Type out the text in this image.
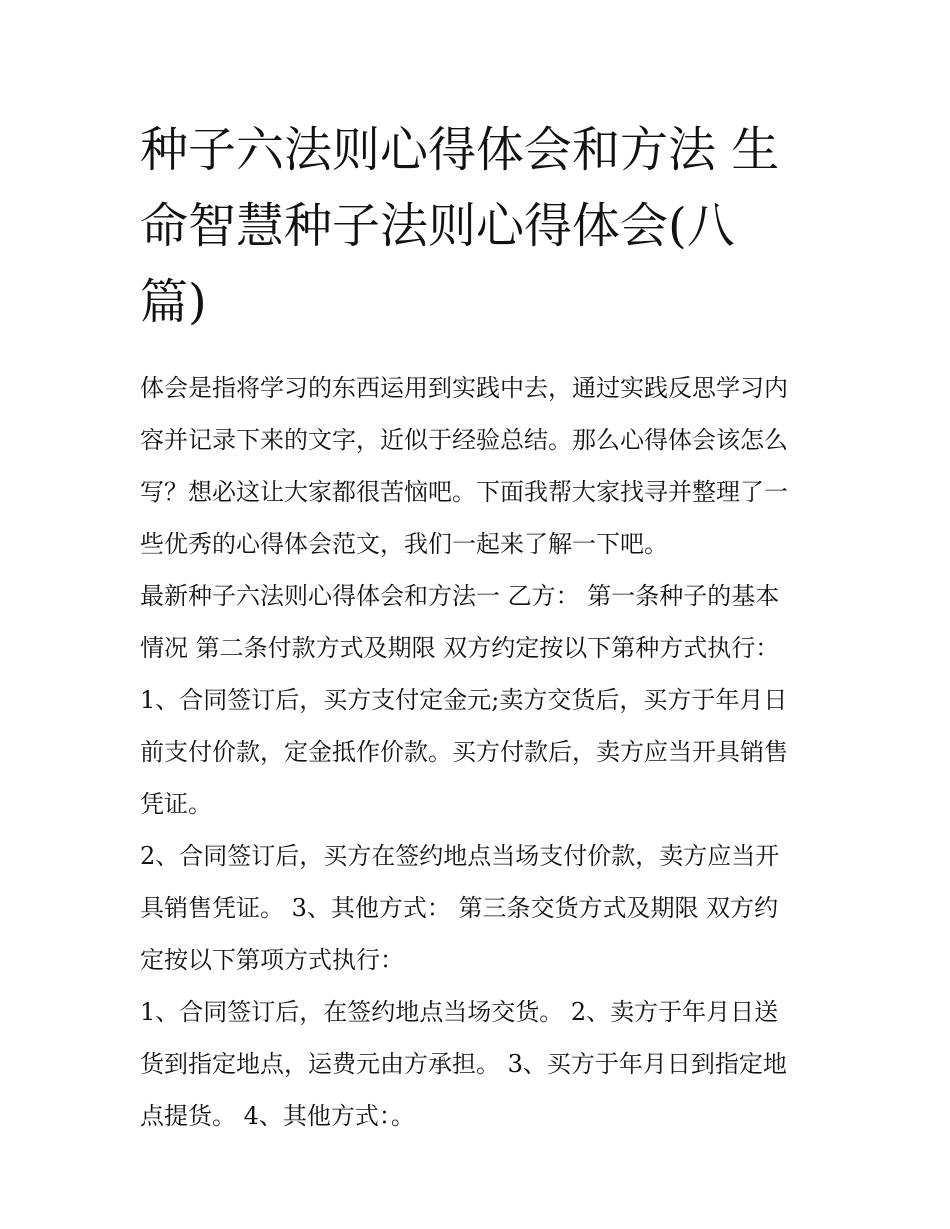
种子六法则心得体会和方法 生
命智慧种子法则心得体会(八
篇)

体会是指将学习的东西运用到实践中去，通过实践反思学习内
容并记录下来的文字，近似于经验总结。那么心得体会该怎么
写？想必这让大家都很苦恼吧。下面我帮大家找寻并整理了一
些优秀的心得体会范文，我们一起来了解一下吧。

最新种子六法则心得体会和方法一 乙方： 第一条种子的基本
情况 第二条付款方式及期限 双方约定按以下第种方式执行：

1、合同签订后，买方支付定金元;卖方交货后，买方于年月日
前支付价款，定金抵作价款。买方付款后，卖方应当开具销售
凭证。

2、合同签订后，买方在签约地点当场支付价款，卖方应当开
具销售凭证。 3、其他方式： 第三条交货方式及期限 双方约
定按以下第项方式执行：

1、合同签订后，在签约地点当场交货。 2、卖方于年月日送
货到指定地点，运费元由方承担。 3、买方于年月日到指定地
点提货。 4、其他方式：。
